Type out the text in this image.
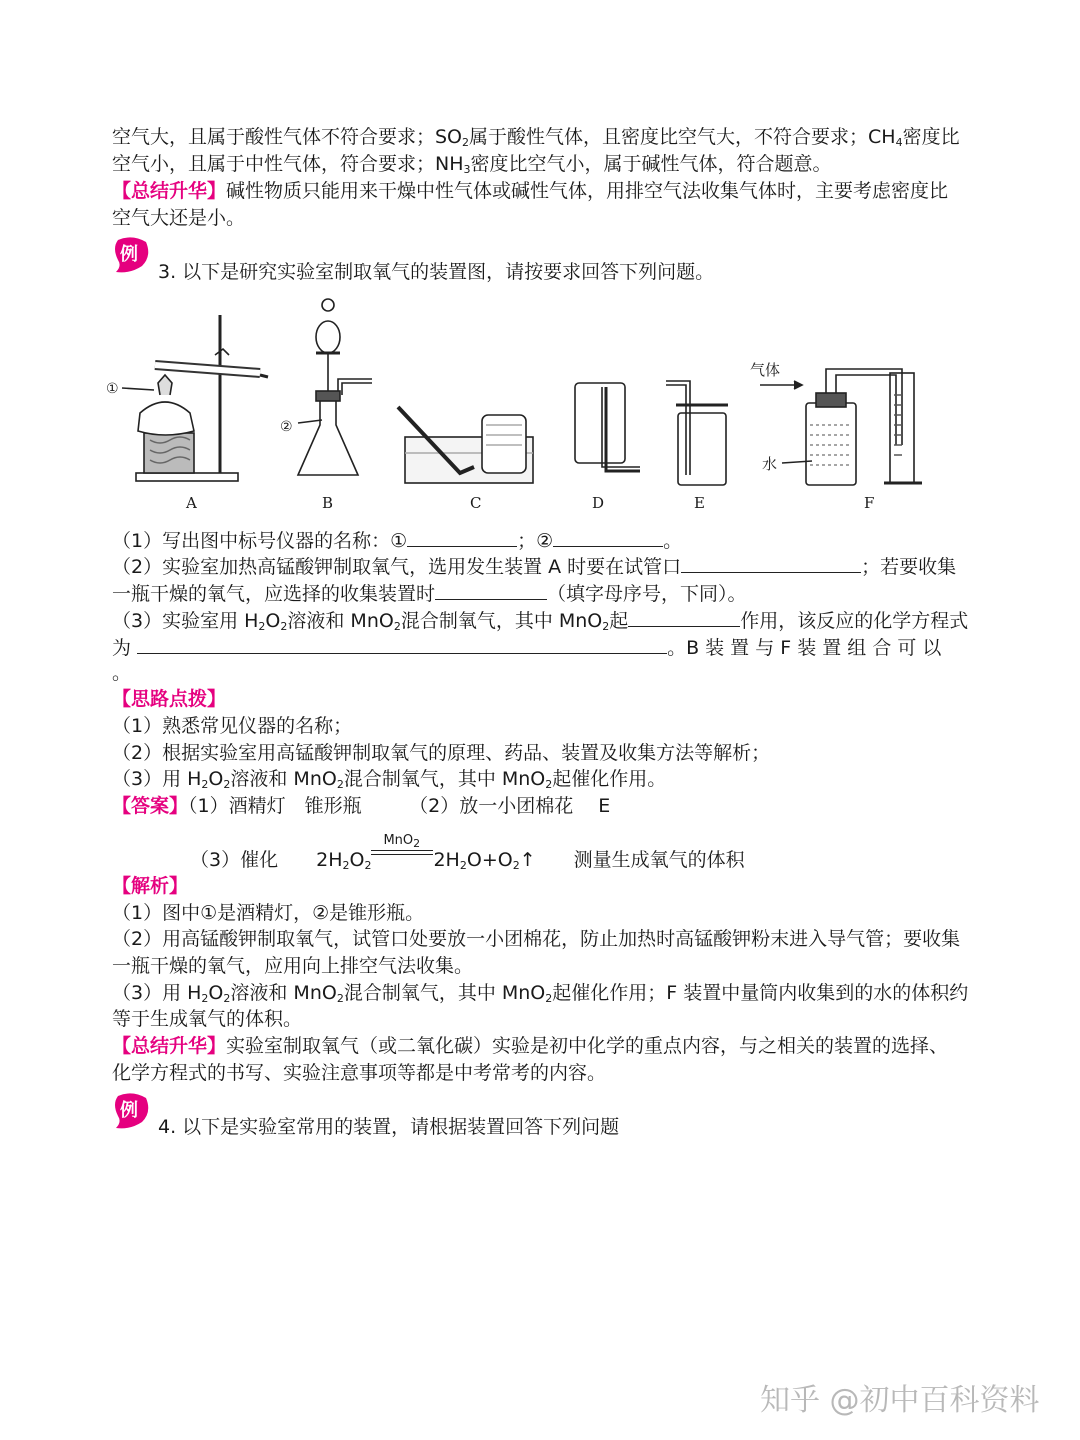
空气大，且属于酸性气体不符合要求；$SO_2$属于酸性气体，且密度比空气大，不符合要求；$CH_4$密度比
空气小，且属于中性气体，符合要求；$NH_3$密度比空气小，属于碱性气体，符合题意。
【总结升华】碱性物质只能用来干燥中性气体或碱性气体，用排空气法收集气体时，主要考虑密度比
空气大还是小。
例
3. 以下是研究实验室制取氧气的装置图，请按要求回答下列问题。
①
②
气体
水
A	B	C	D	E	F
（1）写出图中标号仪器的名称：①	；②	。
（2）实验室加热高锰酸钾制取氧气，选用发生装置 A 时要在试管口	；若要收集
一瓶干燥的氧气，应选择的收集装置时	（填字母序号，下同）。
（3）实验室用 $H_2O_2$溶液和 MnO$_2$混合制氧气，其中 MnO$_2$起	作用，该反应的化学方程式
为	。B 装 置 与 F 装 置 组 合 可 以
。
【思路点拨】
（1）熟悉常见仪器的名称；
（2）根据实验室用高锰酸钾制取氧气的原理、药品、装置及收集方法等解析；
（3）用 $H_2O_2$溶液和 MnO$_2$混合制氧气，其中 MnO$_2$起催化作用。
【答案】（1）酒精灯　锥形瓶　　　	（2）放一小团棉花　 E
（3）催化　　 $2H_2O_2$
MnO$_2$
$2H_2O+O_2↑$　　 测量生成氧气的体积
【解析】
（1）图中①是酒精灯，②是锥形瓶。
（2）用高锰酸钾制取氧气，试管口处要放一小团棉花，防止加热时高锰酸钾粉末进入导气管；要收集
一瓶干燥的氧气，应用向上排空气法收集。
（3）用 $H_2O_2$溶液和 MnO$_2$混合制氧气，其中 MnO$_2$起催化作用；F 装置中量筒内收集到的水的体积约
等于生成氧气的体积。
【总结升华】实验室制取氧气（或二氧化碳）实验是初中化学的重点内容，与之相关的装置的选择、
化学方程式的书写、实验注意事项等都是中考常考的内容。
例
4. 以下是实验室常用的装置，请根据装置回答下列问题
知乎 @初中百科资料
